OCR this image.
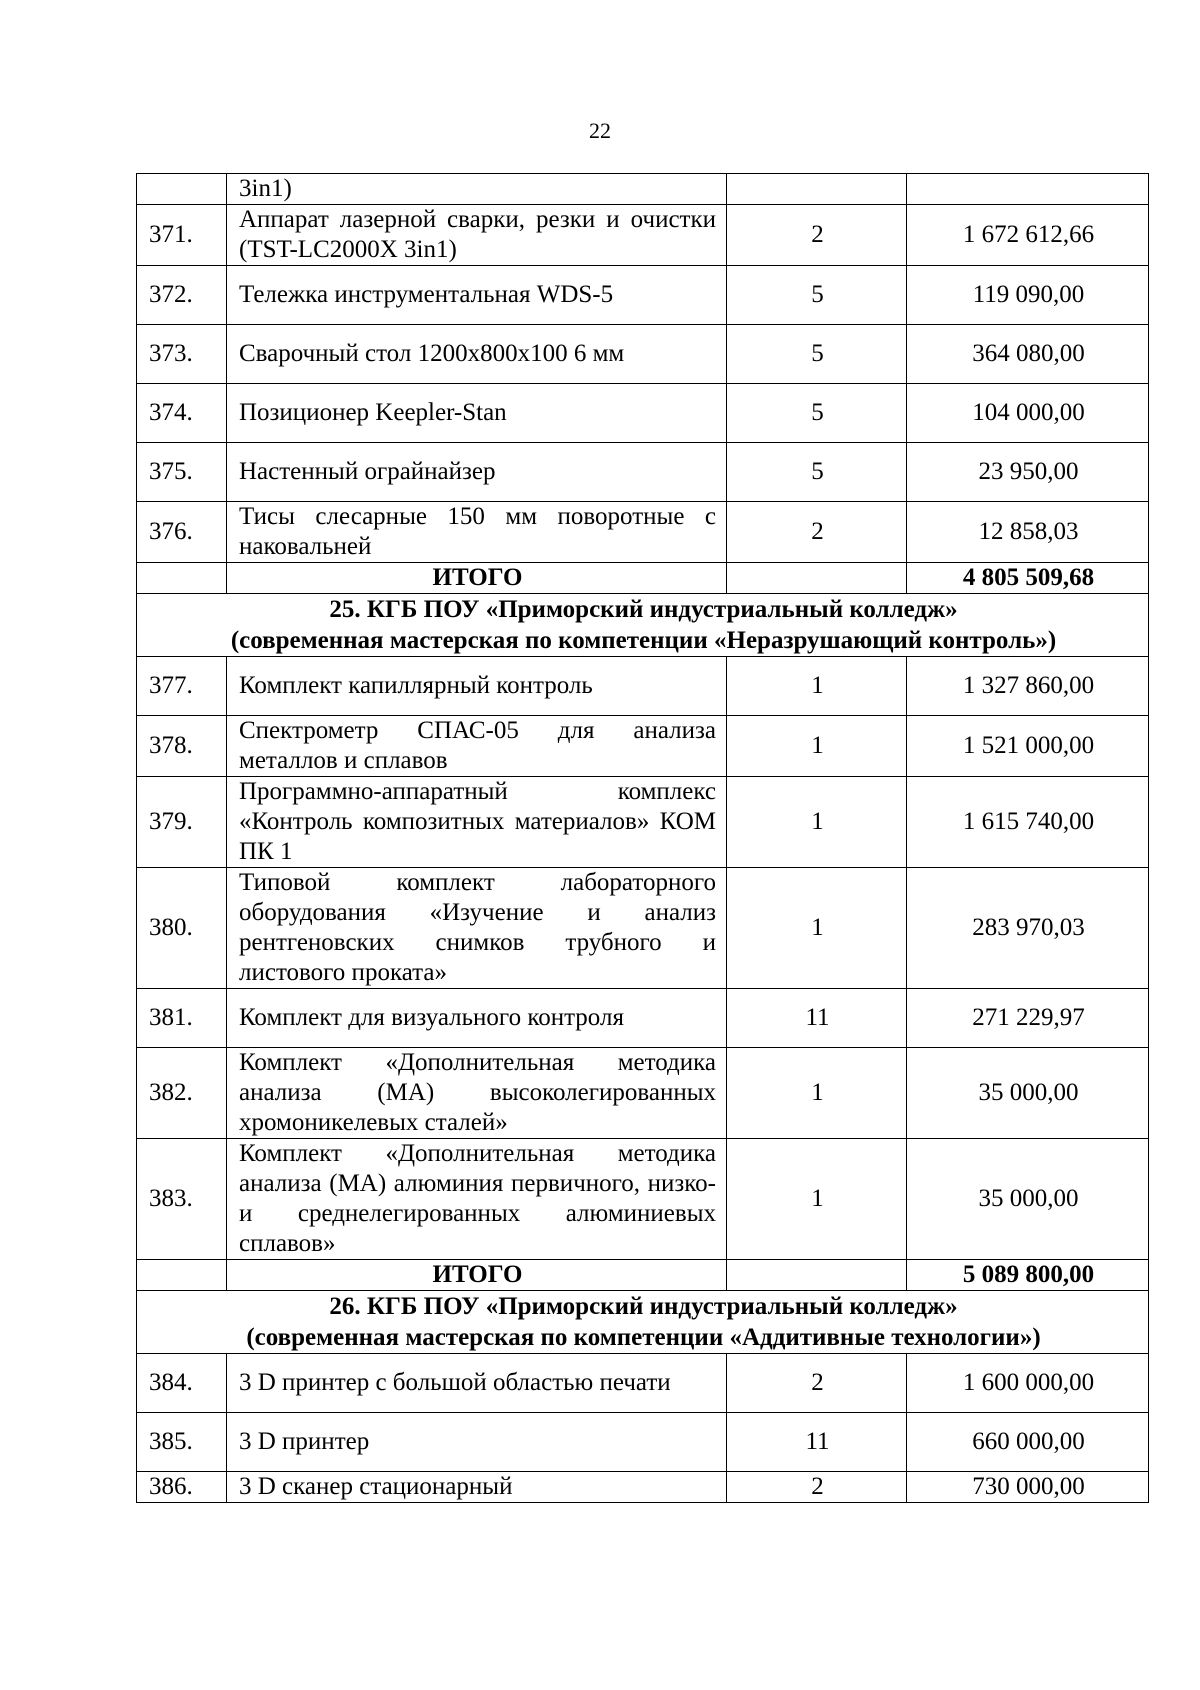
22
	3in1)		
371.	Аппарат лазерной сварки, резки и очистки (TST-LC2000X 3in1)	2	1 672 612,66
372.	Тележка инструментальная WDS-5	5	119 090,00
373.	Сварочный стол 1200х800х100 6 мм	5	364 080,00
374.	Позиционер Keepler-Stan	5	104 000,00
375.	Настенный ограйнайзер	5	23 950,00
376.	Тисы слесарные 150 мм поворотные с наковальней	2	12 858,03
	ИТОГО		4 805 509,68

25. КГБ ПОУ «Приморский индустриальный колледж»
(современная мастерская по компетенции «Неразрушающий контроль»)			

377.	Комплект капиллярный контроль	1	1 327 860,00
378.	Спектрометр СПАС-05 для анализа металлов и сплавов	1	1 521 000,00
379.	Программно-аппаратный комплекс «Контроль композитных материалов» КОМ ПК 1	1	1 615 740,00
380.	Типовой комплект лабораторного оборудования «Изучение и анализ рентгеновских снимков трубного и листового проката»	1	283 970,03
381.	Комплект для визуального контроля	11	271 229,97
382.	Комплект «Дополнительная методика анализа (МА) высоколегированных хромоникелевых сталей»	1	35 000,00
383.	Комплект «Дополнительная методика анализа (МА) алюминия первичного, низко- и среднелегированных алюминиевых сплавов»	1	35 000,00
	ИТОГО		5 089 800,00

26. КГБ ПОУ «Приморский индустриальный колледж»
(современная мастерская по компетенции «Аддитивные технологии»)			

384.	3 D принтер с большой областью печати	2	1 600 000,00
385.	3 D принтер	11	660 000,00
386.	3 D сканер стационарный	2	730 000,00
